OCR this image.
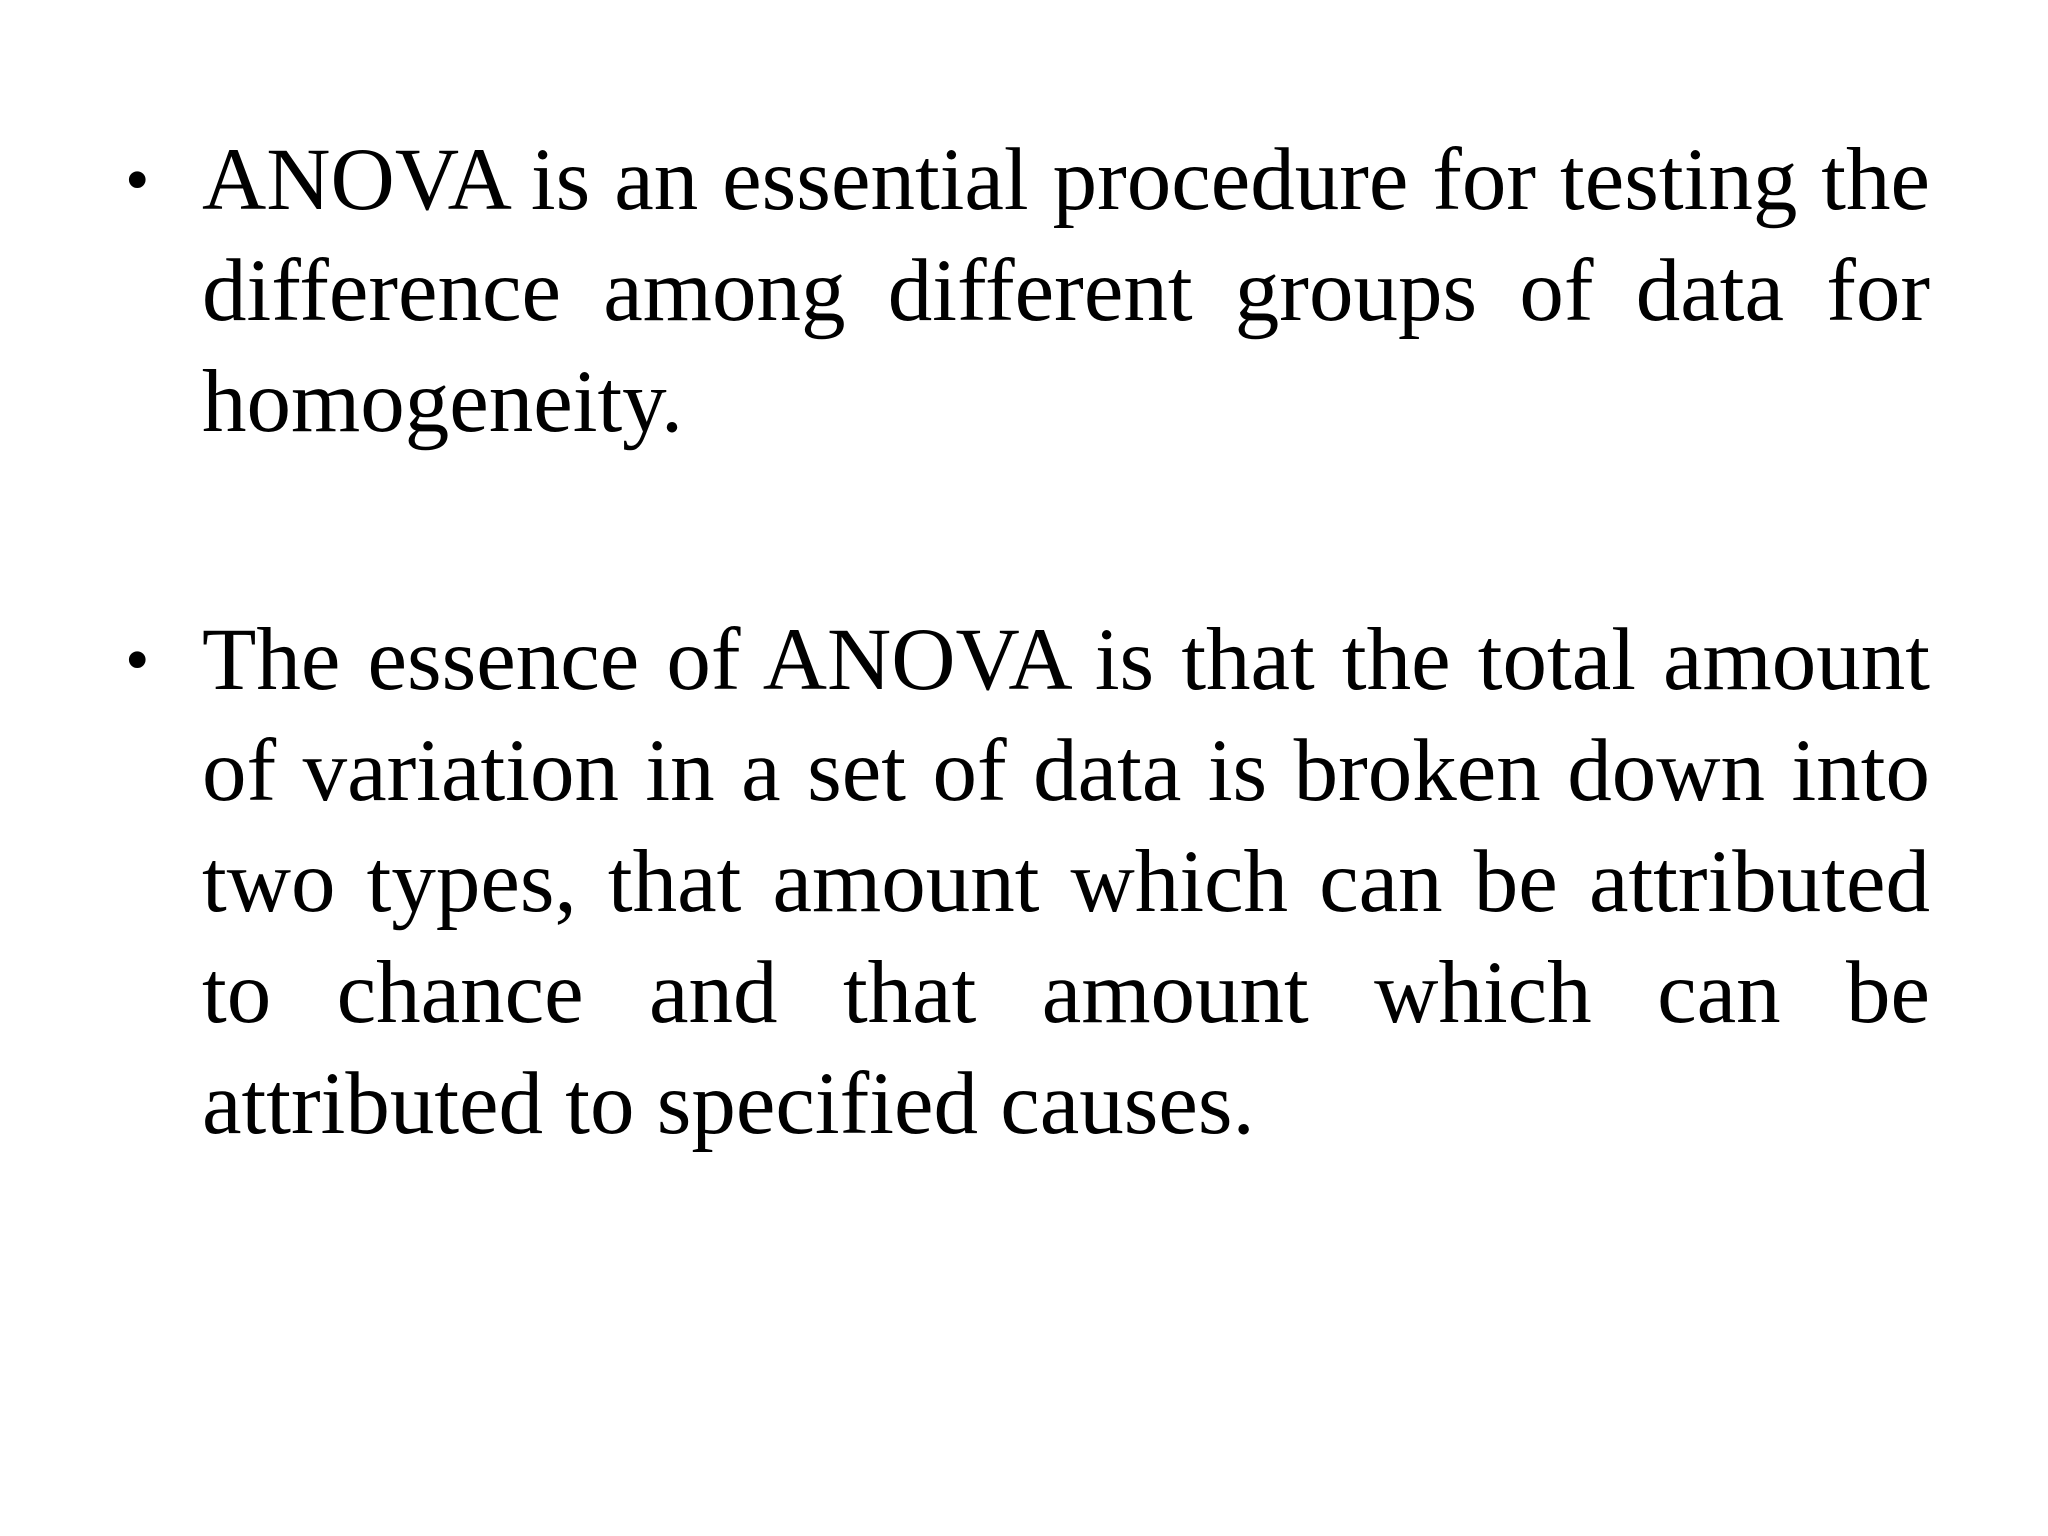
• ANOVA is an essential procedure for testing the difference among different groups of data for homogeneity.
• The essence of ANOVA is that the total amount of variation in a set of data is broken down into two types, that amount which can be attributed to chance and that amount which can be attributed to specified causes.
